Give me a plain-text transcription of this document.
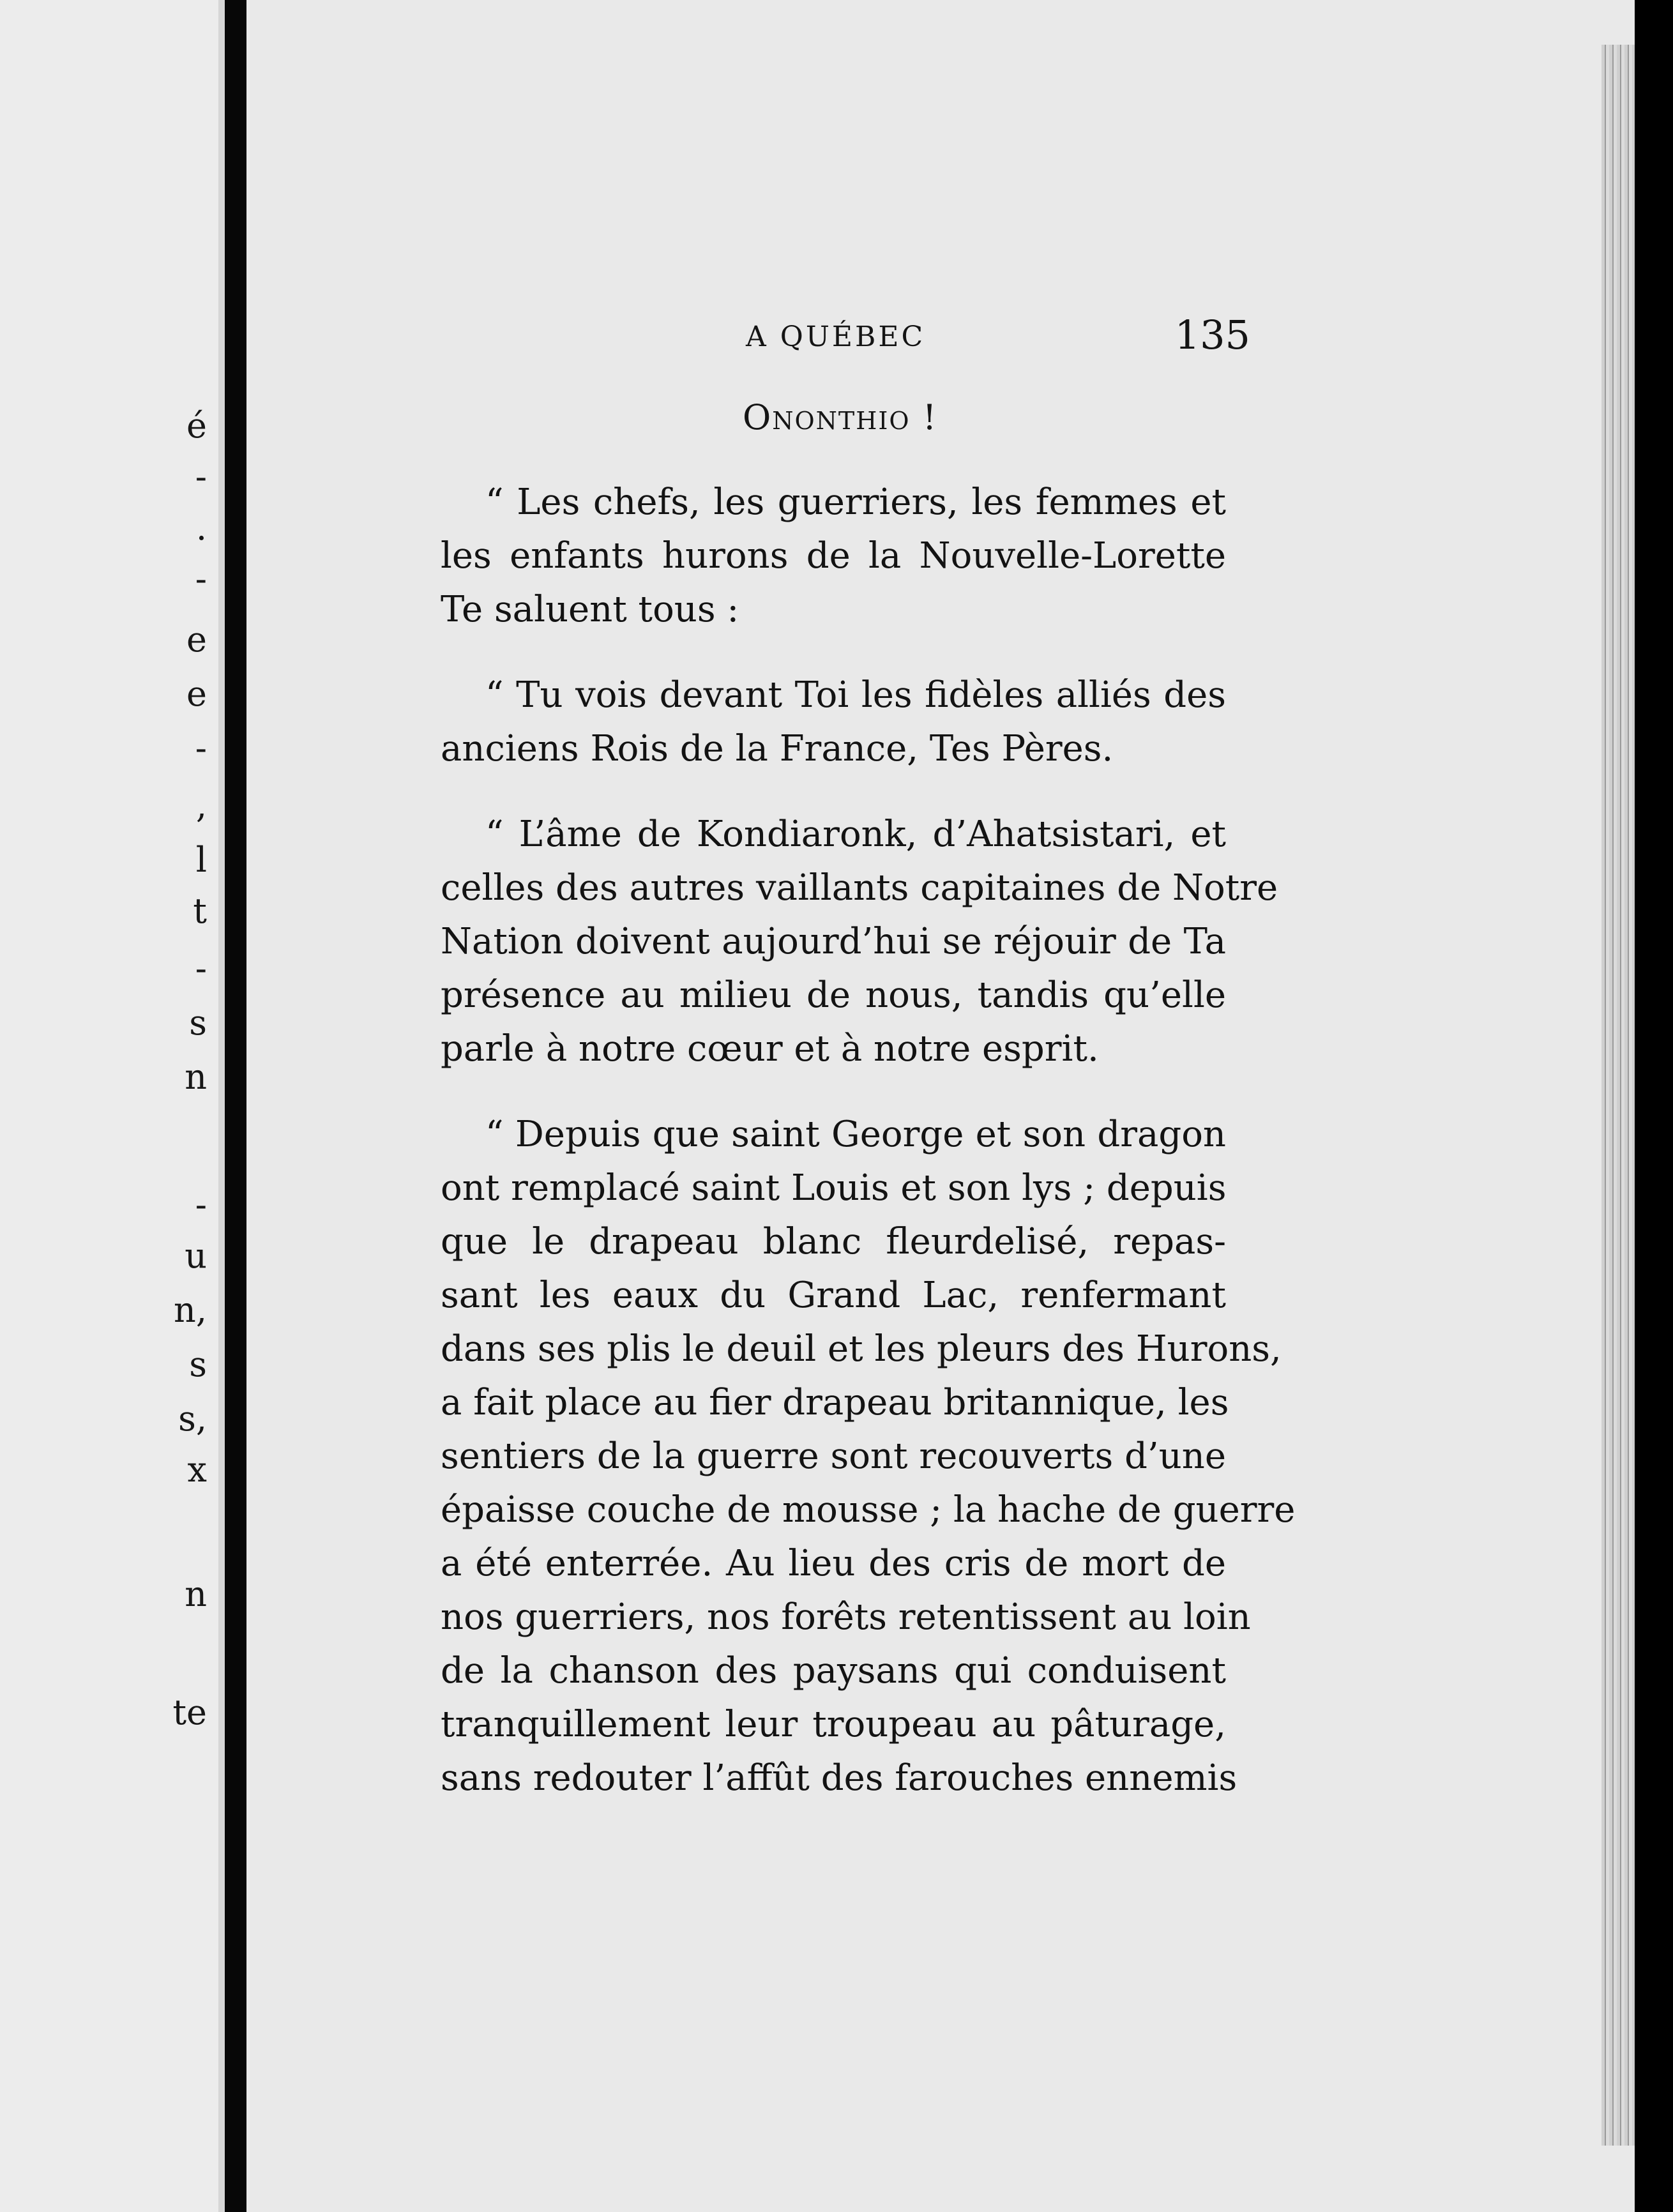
é
-
.
-
e
e
-
,
l
t
-
s
n
-
u
n,
s
s,
x
n
te
A QUÉBEC	135
Ononthio !
“ Les chefs, les guerriers, les femmes et
les enfants hurons de la Nouvelle-Lorette
Te saluent tous :
“ Tu vois devant Toi les fidèles alliés des
anciens Rois de la France, Tes Pères.
“ L’âme de Kondiaronk, d’Ahatsistari, et
celles des autres vaillants capitaines de Notre
Nation doivent aujourd’hui se réjouir de Ta
présence au milieu de nous, tandis qu’elle
parle à notre cœur et à notre esprit.
“ Depuis que saint George et son dragon
ont remplacé saint Louis et son lys ; depuis
que le drapeau blanc fleurdelisé, repas-
sant les eaux du Grand Lac, renfermant
dans ses plis le deuil et les pleurs des Hurons,
a fait place au fier drapeau britannique, les
sentiers de la guerre sont recouverts d’une
épaisse couche de mousse ; la hache de guerre
a été enterrée. Au lieu des cris de mort de
nos guerriers, nos forêts retentissent au loin
de la chanson des paysans qui conduisent
tranquillement leur troupeau au pâturage,
sans redouter l’affût des farouches ennemis
